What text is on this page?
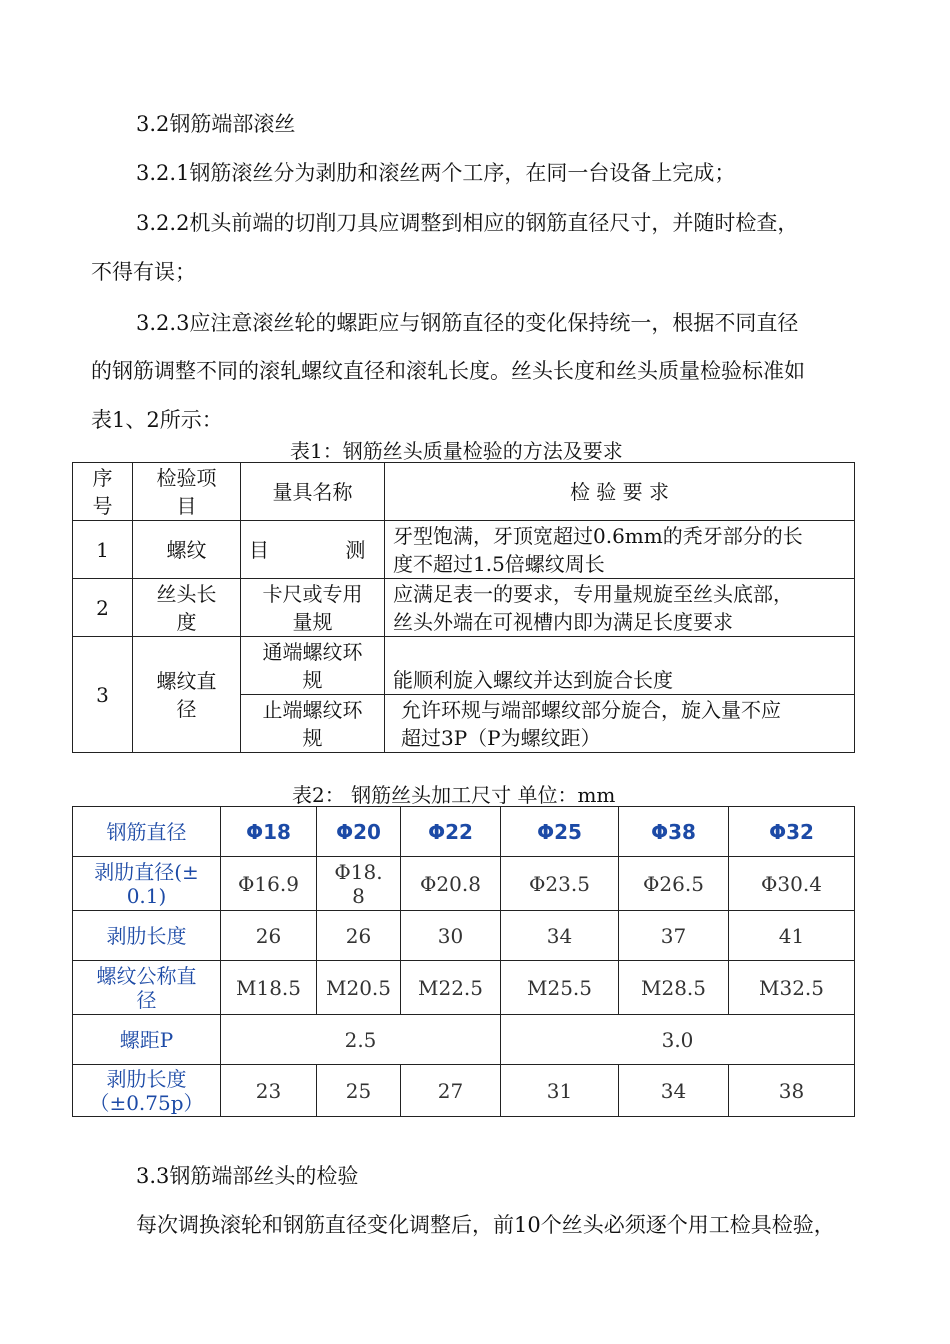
3.2钢筋端部滚丝
3.2.1钢筋滚丝分为剥肋和滚丝两个工序，在同一台设备上完成；
3.2.2机头前端的切削刀具应调整到相应的钢筋直径尺寸，并随时检查，
不得有误；
3.2.3应注意滚丝轮的螺距应与钢筋直径的变化保持统一，根据不同直径
的钢筋调整不同的滚轧螺纹直径和滚轧长度。丝头长度和丝头质量检验标准如
表1、2所示：
表1：钢筋丝头质量检验的方法及要求
序
号	检验项
目	量具名称	检 验 要 求
1	螺纹	目 测	牙型饱满，牙顶宽超过0.6mm的秃牙部分的长
度不超过1.5倍螺纹周长
2	丝头长
度	卡尺或专用
量规	应满足表一的要求，专用量规旋至丝头底部，
丝头外端在可视槽内即为满足长度要求
3	螺纹直
径	通端螺纹环
规	能顺利旋入螺纹并达到旋合长度
		止端螺纹环
规	允许环规与端部螺纹部分旋合，旋入量不应
超过3P（P为螺纹距）
表2： 钢筋丝头加工尺寸 单位：mm
钢筋直径	Φ18	Φ20	Φ22	Φ25	Φ38	Φ32
剥肋直径(±
0.1)	Φ16.9	Φ18.
8	Φ20.8	Φ23.5	Φ26.5	Φ30.4
剥肋长度	26	26	30	34	37	41
螺纹公称直
径	M18.5	M20.5	M22.5	M25.5	M28.5	M32.5
螺距P	2.5			3.0		
剥肋长度
（±0.75p）	23	25	27	31	34	38
3.3钢筋端部丝头的检验
每次调换滚轮和钢筋直径变化调整后，前10个丝头必须逐个用工检具检验，
